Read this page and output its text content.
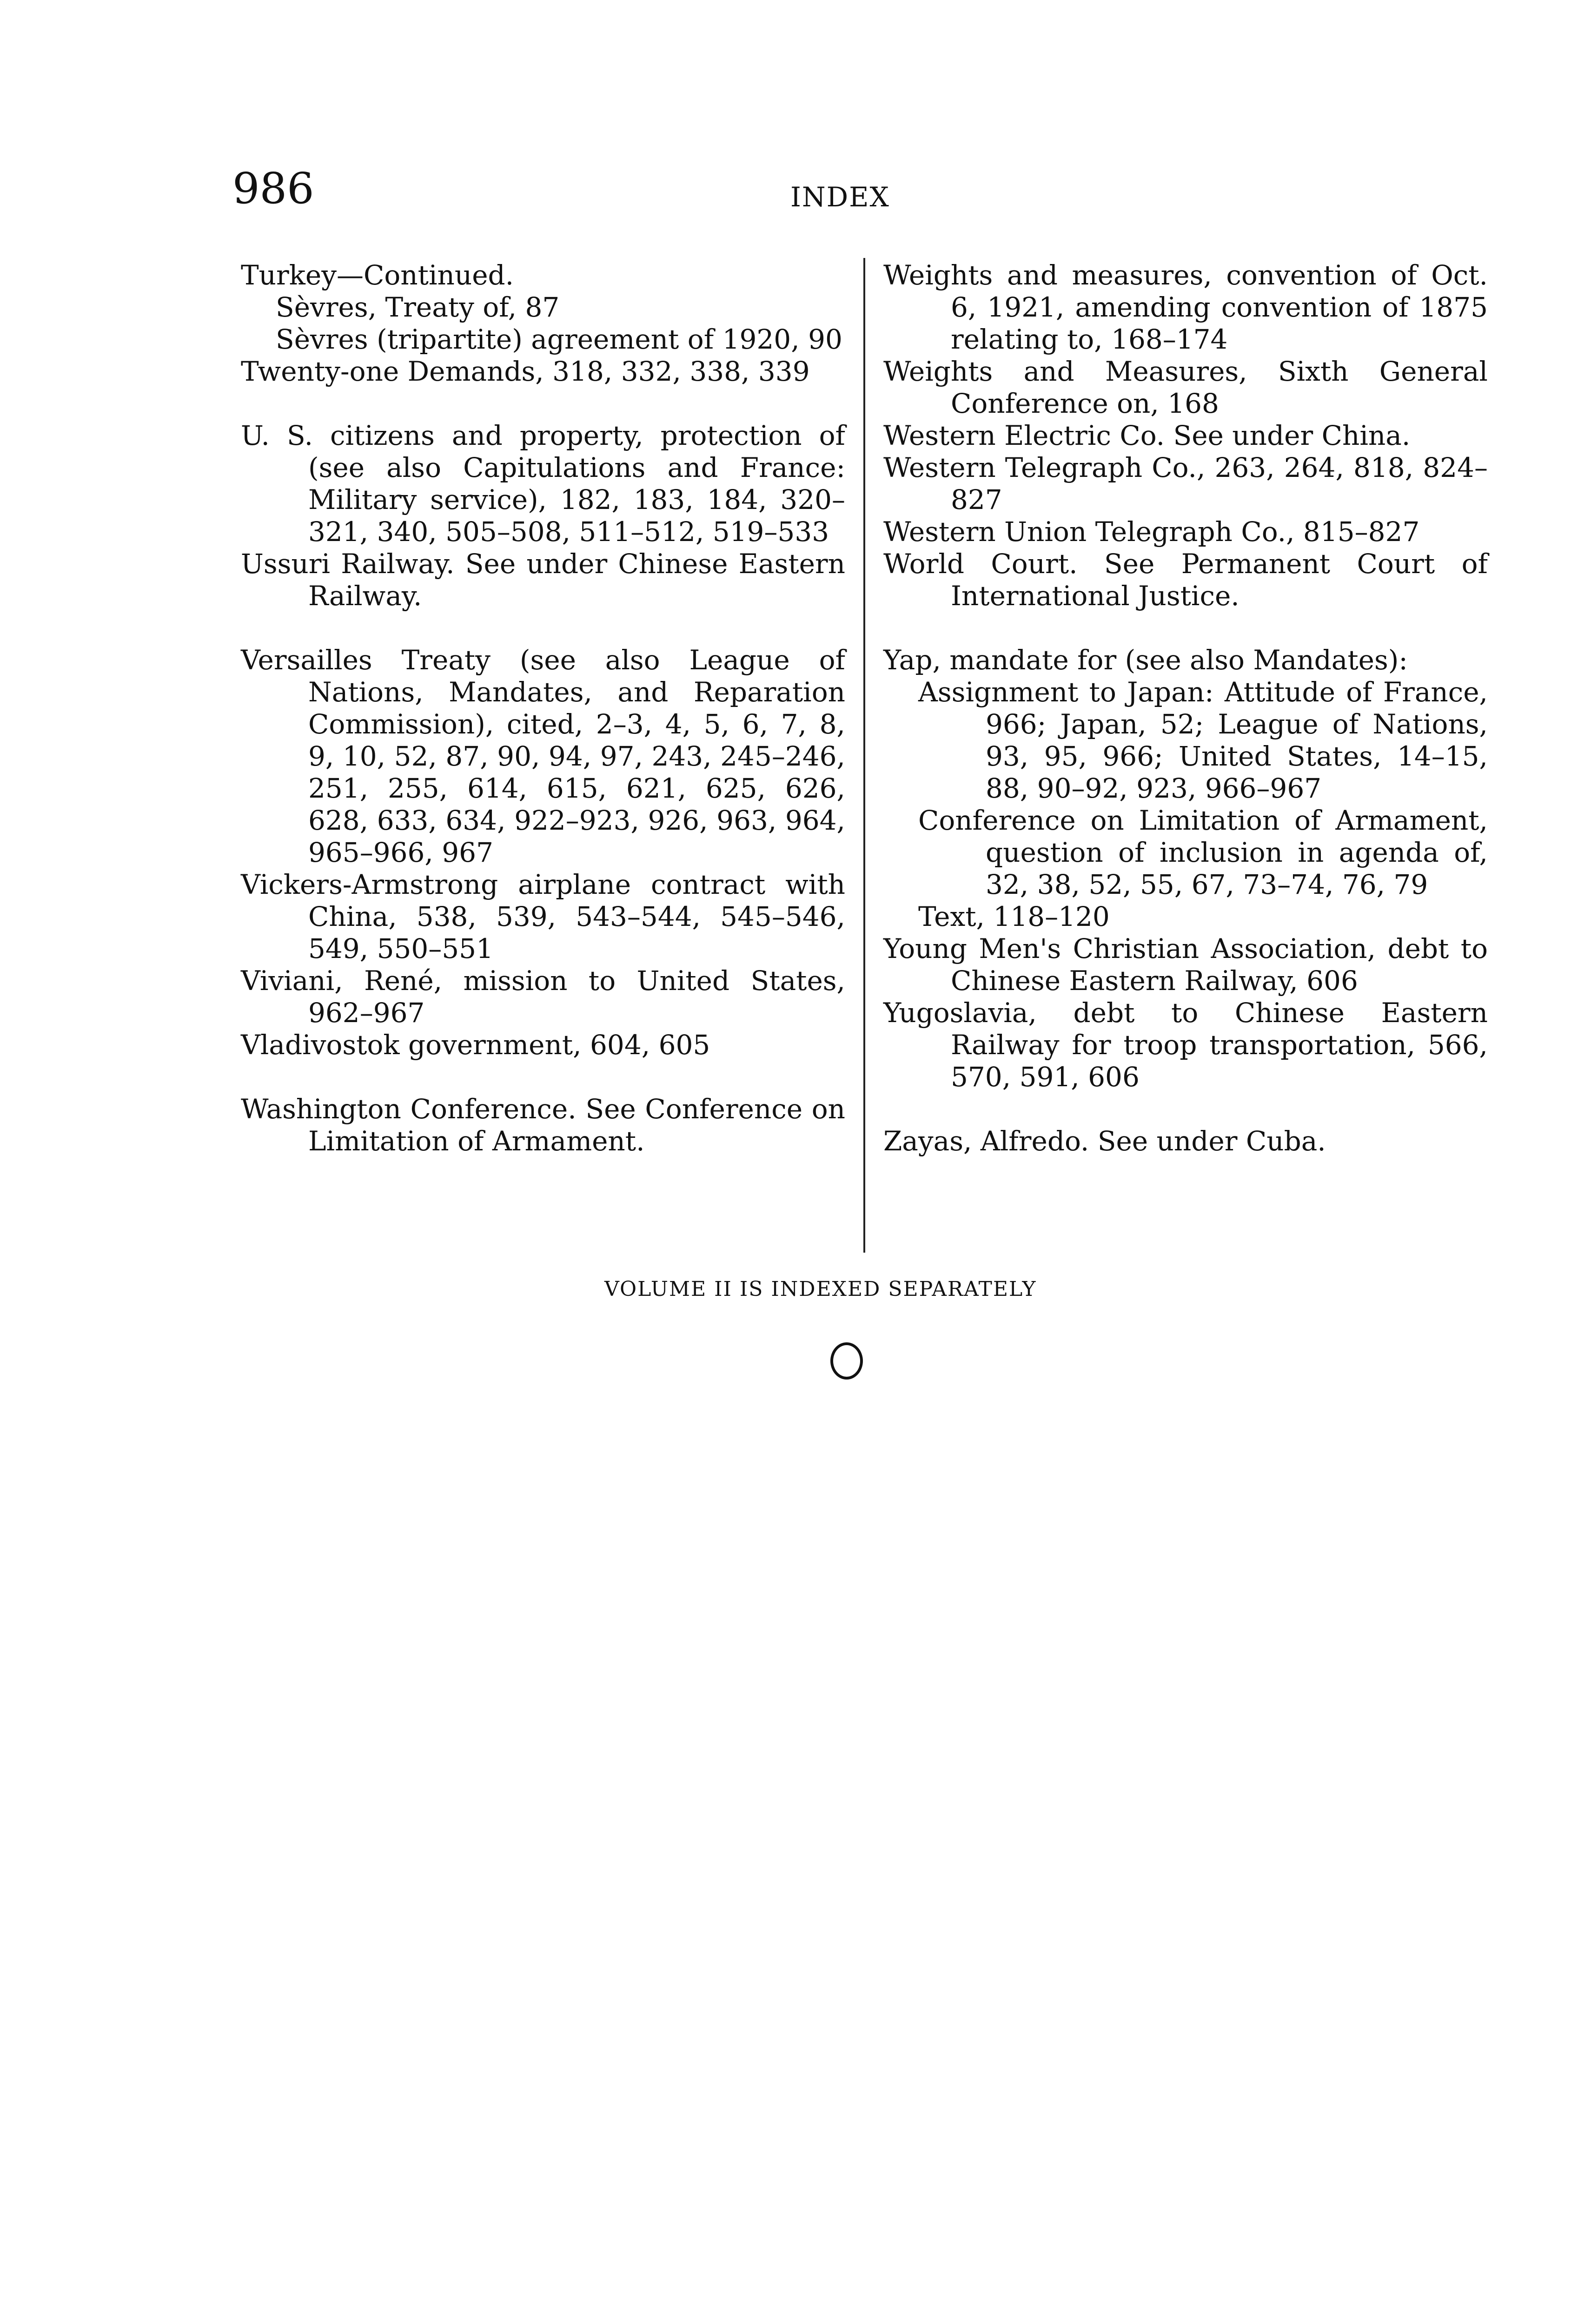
986	INDEX
Turkey—Continued.
Sèvres, Treaty of, 87
Sèvres (tripartite) agreement of 1920, 90
Twenty-one Demands, 318, 332, 338, 339
U. S. citizens and property, protection of (see also Capitulations and France: Military service), 182, 183, 184, 320–321, 340, 505–508, 511–512, 519–533
Ussuri Railway. See under Chinese Eastern Railway.
Versailles Treaty (see also League of Nations, Mandates, and Reparation Commission), cited, 2–3, 4, 5, 6, 7, 8, 9, 10, 52, 87, 90, 94, 97, 243, 245–246, 251, 255, 614, 615, 621, 625, 626, 628, 633, 634, 922–923, 926, 963, 964, 965–966, 967
Vickers-Armstrong airplane contract with China, 538, 539, 543–544, 545–546, 549, 550–551
Viviani, René, mission to United States, 962–967
Vladivostok government, 604, 605
Washington Conference. See Conference on Limitation of Armament.
Weights and measures, convention of Oct. 6, 1921, amending convention of 1875 relating to, 168–174
Weights and Measures, Sixth General Conference on, 168
Western Electric Co. See under China.
Western Telegraph Co., 263, 264, 818, 824–827
Western Union Telegraph Co., 815–827
World Court. See Permanent Court of International Justice.
Yap, mandate for (see also Mandates):
Assignment to Japan: Attitude of France, 966; Japan, 52; League of Nations, 93, 95, 966; United States, 14–15, 88, 90–92, 923, 966–967
Conference on Limitation of Armament, question of inclusion in agenda of, 32, 38, 52, 55, 67, 73–74, 76, 79
Text, 118–120
Young Men's Christian Association, debt to Chinese Eastern Railway, 606
Yugoslavia, debt to Chinese Eastern Railway for troop transportation, 566, 570, 591, 606
Zayas, Alfredo. See under Cuba.
VOLUME II IS INDEXED SEPARATELY
